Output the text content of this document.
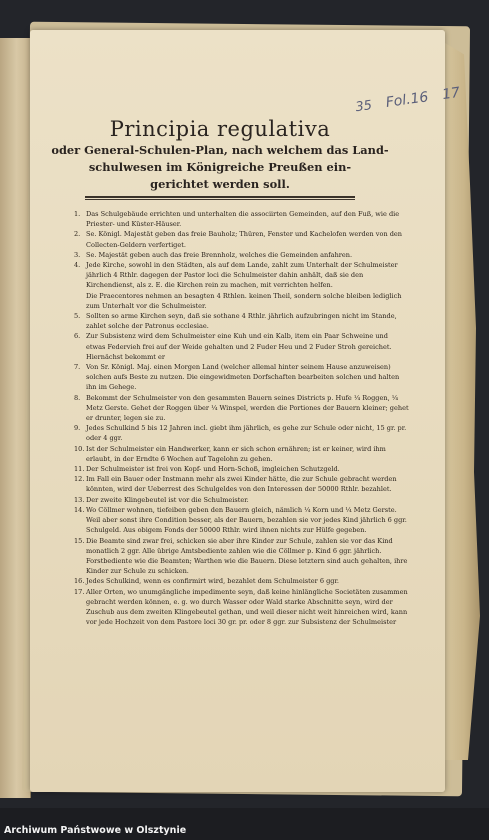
35 Fol.16 17
Principia regulativa
oder General-Schulen-Plan, nach welchem das Land-
schulwesen im Königreiche Preußen ein-
gerichtet werden soll.
1. Das Schulgebäude errichten und unterhalten die associirten Gemeinden, auf den Fuß, wie die Priester- und Küster-Häuser.
2. Se. Königl. Majestät geben das freie Bauholz; Thüren, Fenster und Kachelofen werden von den Collecten-Geldern verfertiget.
3. Se. Majestät geben auch das freie Brennholz, welches die Gemeinden anfahren.
4. Jede Kirche, sowohl in den Städten, als auf dem Lande, zahlt zum Unterhalt der Schulmeister jährlich 4 Rthlr. dagegen der Pastor loci die Schulmeister dahin anhält, daß sie den Kirchendienst, als z. E. die Kirchen rein zu machen, mit verrichten helfen.
Die Praecentores nehmen an besagten 4 Rthlen. keinen Theil, sondern solche bleiben lediglich zum Unterhalt vor die Schulmeister.
5. Sollten so arme Kirchen seyn, daß sie sothane 4 Rthlr. jährlich aufzubringen nicht im Stande, zahlet solche der Patronus ecclesiae.
6. Zur Subsistenz wird dem Schulmeister eine Kuh und ein Kalb, item ein Paar Schweine und etwas Federvieh frei auf der Weide gehalten und 2 Fuder Heu und 2 Fuder Stroh gereichet. Hiernächst bekommt er
7. Von Sr. Königl. Maj. einen Morgen Land (welcher allemal hinter seinem Hause anzuweisen) solchen aufs Beste zu nutzen. Die eingewidmeten Dorfschaften bearbeiten solchen und halten ihn im Gehege.
8. Bekommt der Schulmeister von den gesammten Bauern seines Districts p. Hufe ¼ Roggen, ¼ Metz Gerste. Gehet der Roggen über ¼ Winspel, werden die Portiones der Bauern kleiner; gehet er drunter, legen sie zu.
9. Jedes Schulkind 5 bis 12 Jahren incl. giebt ihm jährlich, es gehe zur Schule oder nicht, 15 gr. pr. oder 4 ggr.
10. Ist der Schulmeister ein Handwerker, kann er sich schon ernähren; ist er keiner, wird ihm erlaubt, in der Erndte 6 Wochen auf Tagelohn zu gehen.
11. Der Schulmeister ist frei von Kopf- und Horn-Schoß, imgleichen Schutzgeld.
12. Im Fall ein Bauer oder Instmann mehr als zwei Kinder hätte, die zur Schule gebracht werden könnten, wird der Ueberrest des Schulgeldes von den Interessen der 50000 Rthlr. bezahlet.
13. Der zweite Klingebeutel ist vor die Schulmeister.
14. Wo Cöllmer wohnen, tiefeiben geben den Bauern gleich, nämlich ¼ Korn und ¼ Metz Gerste. Weil aber sonst ihre Condition besser, als der Bauern, bezahlen sie vor jedes Kind jährlich 6 ggr. Schulgeld. Aus obigem Fonds der 50000 Rthlr. wird ihnen nichts zur Hülfe gegeben.
15. Die Beamte sind zwar frei, schicken sie aber ihre Kinder zur Schule, zahlen sie vor das Kind monatlich 2 ggr. Alle übrige Amtsbediente zahlen wie die Cöllmer p. Kind 6 ggr. jährlich. Forstbediente wie die Beamten; Warthen wie die Bauern. Diese letztern sind auch gehalten, ihre Kinder zur Schule zu schicken.
16. Jedes Schulkind, wenn es confirmirt wird, bezahlet dem Schulmeister 6 ggr.
17. Aller Orten, wo unumgängliche impedimente seyn, daß keine hinlängliche Societäten zusammen gebracht werden können, e. g. wo durch Wasser oder Wald starke Abschnitte seyn, wird der Zuschub aus dem zweiten Klingebeutel gethan, und weil dieser nicht weit hinreichen wird, kann vor jede Hochzeit von dem Pastore loci 30 gr. pr. oder 8 ggr. zur Subsistenz der Schulmeister
Archiwum Państwowe w Olsztynie
